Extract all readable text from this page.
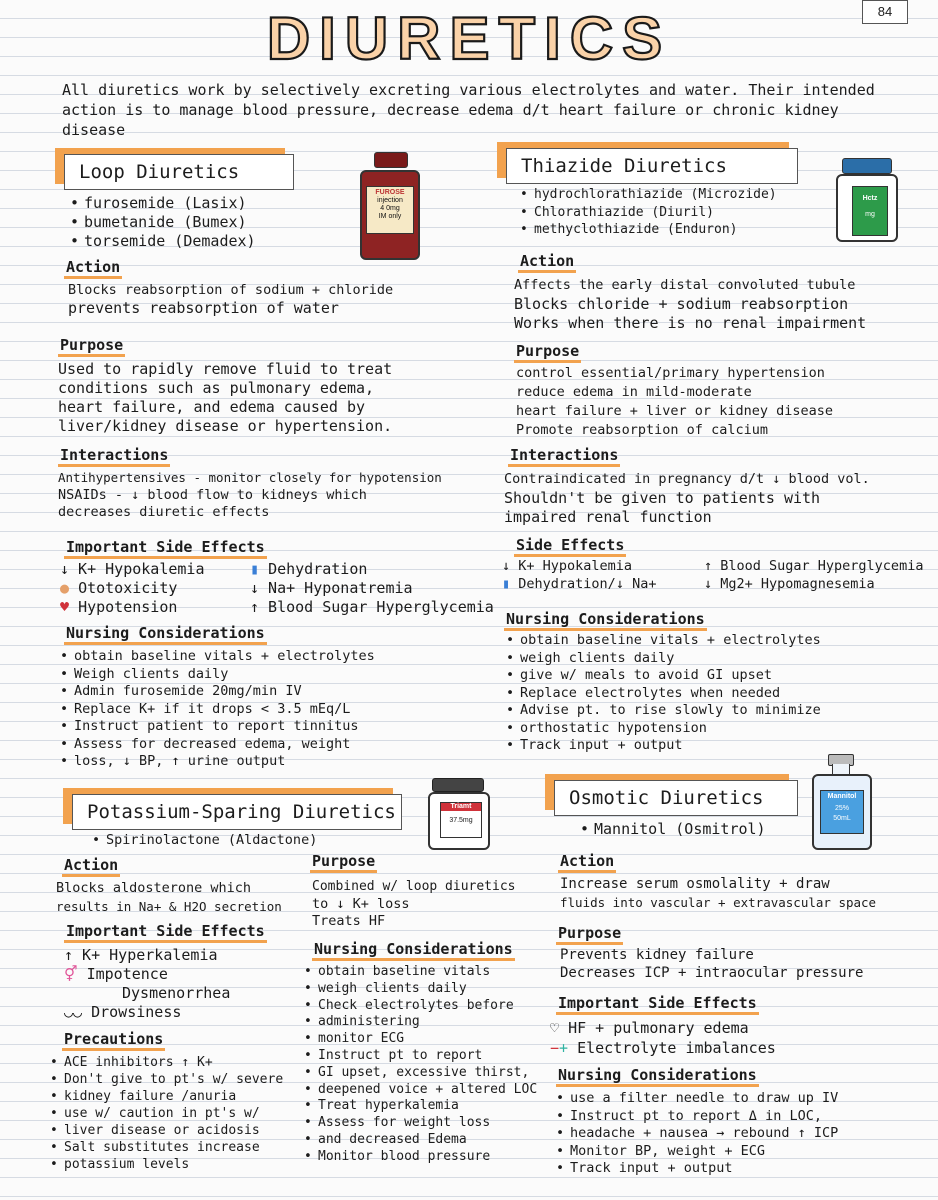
84
DIURETICS
All diuretics work by selectively excreting various electrolytes and water. Their intended action is to manage blood pressure, decrease edema d/t heart failure or chronic kidney disease
Loop Diuretics
• furosemide (Lasix)
• bumetanide (Bumex)
• torsemide (Demadex)
FUROSE
injection
4 0mg
IM only
Action
Blocks reabsorption of sodium + chloride
prevents reabsorption of water
Purpose
Used to rapidly remove fluid to treat
conditions such as pulmonary edema,
heart failure, and edema caused by
liver/kidney disease or hypertension.
Interactions
Antihypertensives - monitor closely for hypotension
NSAIDs - ↓ blood flow to kidneys which
decreases diuretic effects
Important Side Effects
↓ K+ Hypokalemia
● Ototoxicity
♥ Hypotension
▮ Dehydration
↓ Na+ Hyponatremia
↑ Blood Sugar Hyperglycemia
Nursing Considerations
• obtain baseline vitals + electrolytes
• Weigh clients daily
• Admin furosemide 20mg/min IV
• Replace K+ if it drops < 3.5 mEq/L
• Instruct patient to report tinnitus
• Assess for decreased edema, weight
• loss, ↓ BP, ↑ urine output
Thiazide Diuretics
• hydrochlorathiazide (Microzide)
• Chlorathiazide (Diuril)
• methyclothiazide (Enduron)
Hctz
mg
Action
Affects the early distal convoluted tubule
Blocks chloride + sodium reabsorption
Works when there is no renal impairment
Purpose
control essential/primary hypertension
reduce edema in mild-moderate
heart failure + liver or kidney disease
Promote reabsorption of calcium
Interactions
Contraindicated in pregnancy d/t ↓ blood vol.
Shouldn't be given to patients with
impaired renal function
Side Effects
↓ K+ Hypokalemia
▮ Dehydration/↓ Na+
↑ Blood Sugar Hyperglycemia
↓ Mg2+ Hypomagnesemia
Nursing Considerations
• obtain baseline vitals + electrolytes
• weigh clients daily
• give w/ meals to avoid GI upset
• Replace electrolytes when needed
• Advise pt. to rise slowly to minimize
• orthostatic hypotension
• Track input + output
Potassium-Sparing Diuretics
• Spirinolactone (Aldactone)
Triamt
37.5mg
Action
Blocks aldosterone which
results in Na+ & H2O secretion
Purpose
Combined w/ loop diuretics
to ↓ K+ loss
Treats HF
Important Side Effects
↑ K+ Hyperkalemia
⚥ Impotence
Dysmenorrhea
◡◡ Drowsiness
Precautions
• ACE inhibitors ↑ K+
• Don't give to pt's w/ severe
• kidney failure /anuria
• use w/ caution in pt's w/
• liver disease or acidosis
• Salt substitutes increase
• potassium levels
Nursing Considerations
• obtain baseline vitals
• weigh clients daily
• Check electrolytes before
• administering
• monitor ECG
• Instruct pt to report
• GI upset, excessive thirst,
• deepened voice + altered LOC
• Treat hyperkalemia
• Assess for weight loss
• and decreased Edema
• Monitor blood pressure
Osmotic Diuretics
• Mannitol (Osmitrol)
Mannitol
25%
50mL
Action
Increase serum osmolality + draw
fluids into vascular + extravascular space
Purpose
Prevents kidney failure
Decreases ICP + intraocular pressure
Important Side Effects
♡ HF + pulmonary edema
−+ Electrolyte imbalances
Nursing Considerations
• use a filter needle to draw up IV
• Instruct pt to report Δ in LOC,
• headache + nausea → rebound ↑ ICP
• Monitor BP, weight + ECG
• Track input + output
